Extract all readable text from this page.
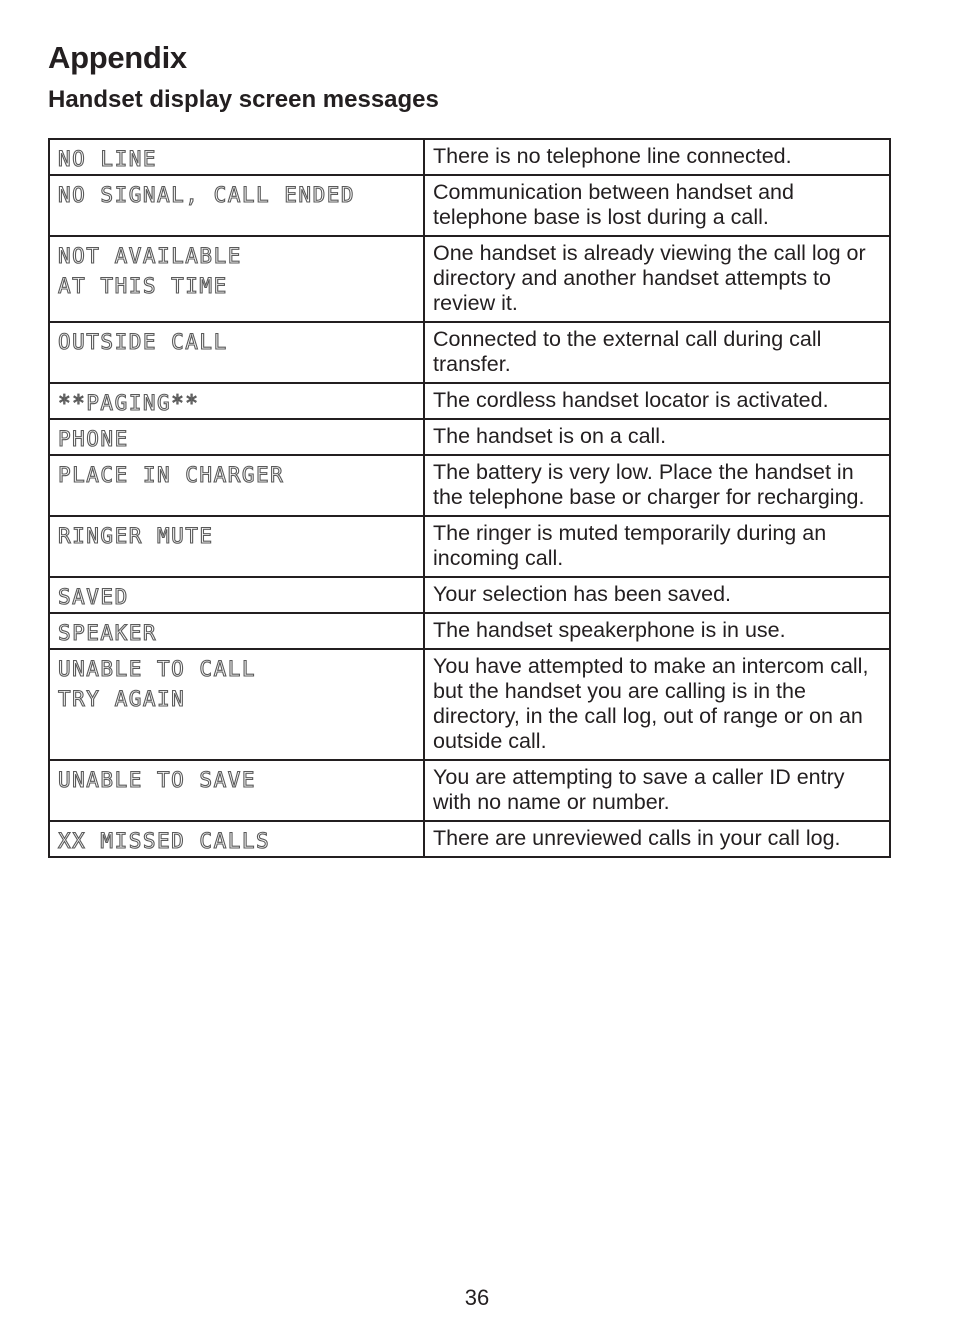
Appendix
Handset display screen messages
NO LINE	There is no telephone line connected.

NO SIGNAL, CALL ENDED	Communication between handset and telephone base is lost during a call.

NOT AVAILABLE
AT THIS TIME	One handset is already viewing the call log or directory and another handset attempts to review it.

OUTSIDE CALL	Connected to the external call during call transfer.

**PAGING**	The cordless handset locator is activated.

PHONE	The handset is on a call.

PLACE IN CHARGER	The battery is very low. Place the handset in the telephone base or charger for recharging.

RINGER MUTE	The ringer is muted temporarily during an incoming call.

SAVED	Your selection has been saved.

SPEAKER	The handset speakerphone is in use.

UNABLE TO CALL
TRY AGAIN	You have attempted to make an intercom call, but the handset you are calling is in the directory, in the call log, out of range or on an outside call.

UNABLE TO SAVE	You are attempting to save a caller ID entry with no name or number.

XX MISSED CALLS	There are unreviewed calls in your call log.
36
